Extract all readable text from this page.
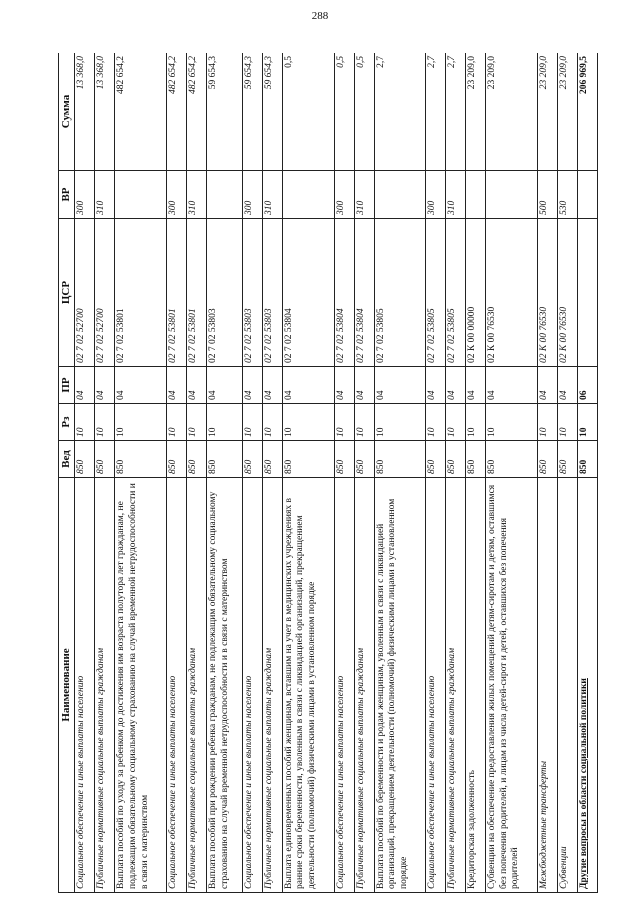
288
Наименование	Вед	Рз	ПР	ЦСР	ВР	Сумма
Социальное обеспечение и иные выплаты населению	850	10	04	02 7 02 52700	300	13 368,0
Публичные нормативные социальные выплаты гражданам	850	10	04	02 7 02 52700	310	13 368,0
Выплата пособий по уходу за ребенком до достижения им возраста полутора лет гражданам, не подлежащим обязательному социальному страхованию на случай временной нетрудоспособности и в связи с материнством	850	10	04	02 7 02 53801		482 654,2
Социальное обеспечение и иные выплаты населению	850	10	04	02 7 02 53801	300	482 654,2
Публичные нормативные социальные выплаты гражданам	850	10	04	02 7 02 53801	310	482 654,2
Выплата пособий при рождении ребенка гражданам, не подлежащим обязательному социальному страхованию на случай временной нетрудоспособности и в связи с материнством	850	10	04	02 7 02 53803		59 654,3
Социальное обеспечение и иные выплаты населению	850	10	04	02 7 02 53803	300	59 654,3
Публичные нормативные социальные выплаты гражданам	850	10	04	02 7 02 53803	310	59 654,3
Выплата единовременных пособий женщинам, вставшим на учет в медицинских учреждениях в ранние сроки беременности, уволенным в связи с ликвидацией организаций, прекращением деятельности (полномочий) физическими лицами в установленном порядке	850	10	04	02 7 02 53804		0,5
Социальное обеспечение и иные выплаты населению	850	10	04	02 7 02 53804	300	0,5
Публичные нормативные социальные выплаты гражданам	850	10	04	02 7 02 53804	310	0,5
Выплата пособий по беременности и родам женщинам, уволенным в связи с ликвидацией организаций, прекращением деятельности (полномочий) физическими лицами в установленном порядке	850	10	04	02 7 02 53805		2,7
Социальное обеспечение и иные выплаты населению	850	10	04	02 7 02 53805	300	2,7
Публичные нормативные социальные выплаты гражданам	850	10	04	02 7 02 53805	310	2,7
Кредиторская задолженность	850	10	04	02 К 00 00000		23 209,0
Субвенции на обеспечение предоставления жилых помещений детям-сиротам и детям, оставшимся без попечения родителей, и лицам из числа детей-сирот и детей, оставшихся без попечения родителей	850	10	04	02 К 00 76530		23 209,0
Межбюджетные трансферты	850	10	04	02 К 00 76530	500	23 209,0
Субвенции	850	10	04	02 К 00 76530	530	23 209,0
Другие вопросы в области социальной политики	850	10	06			206 969,5
